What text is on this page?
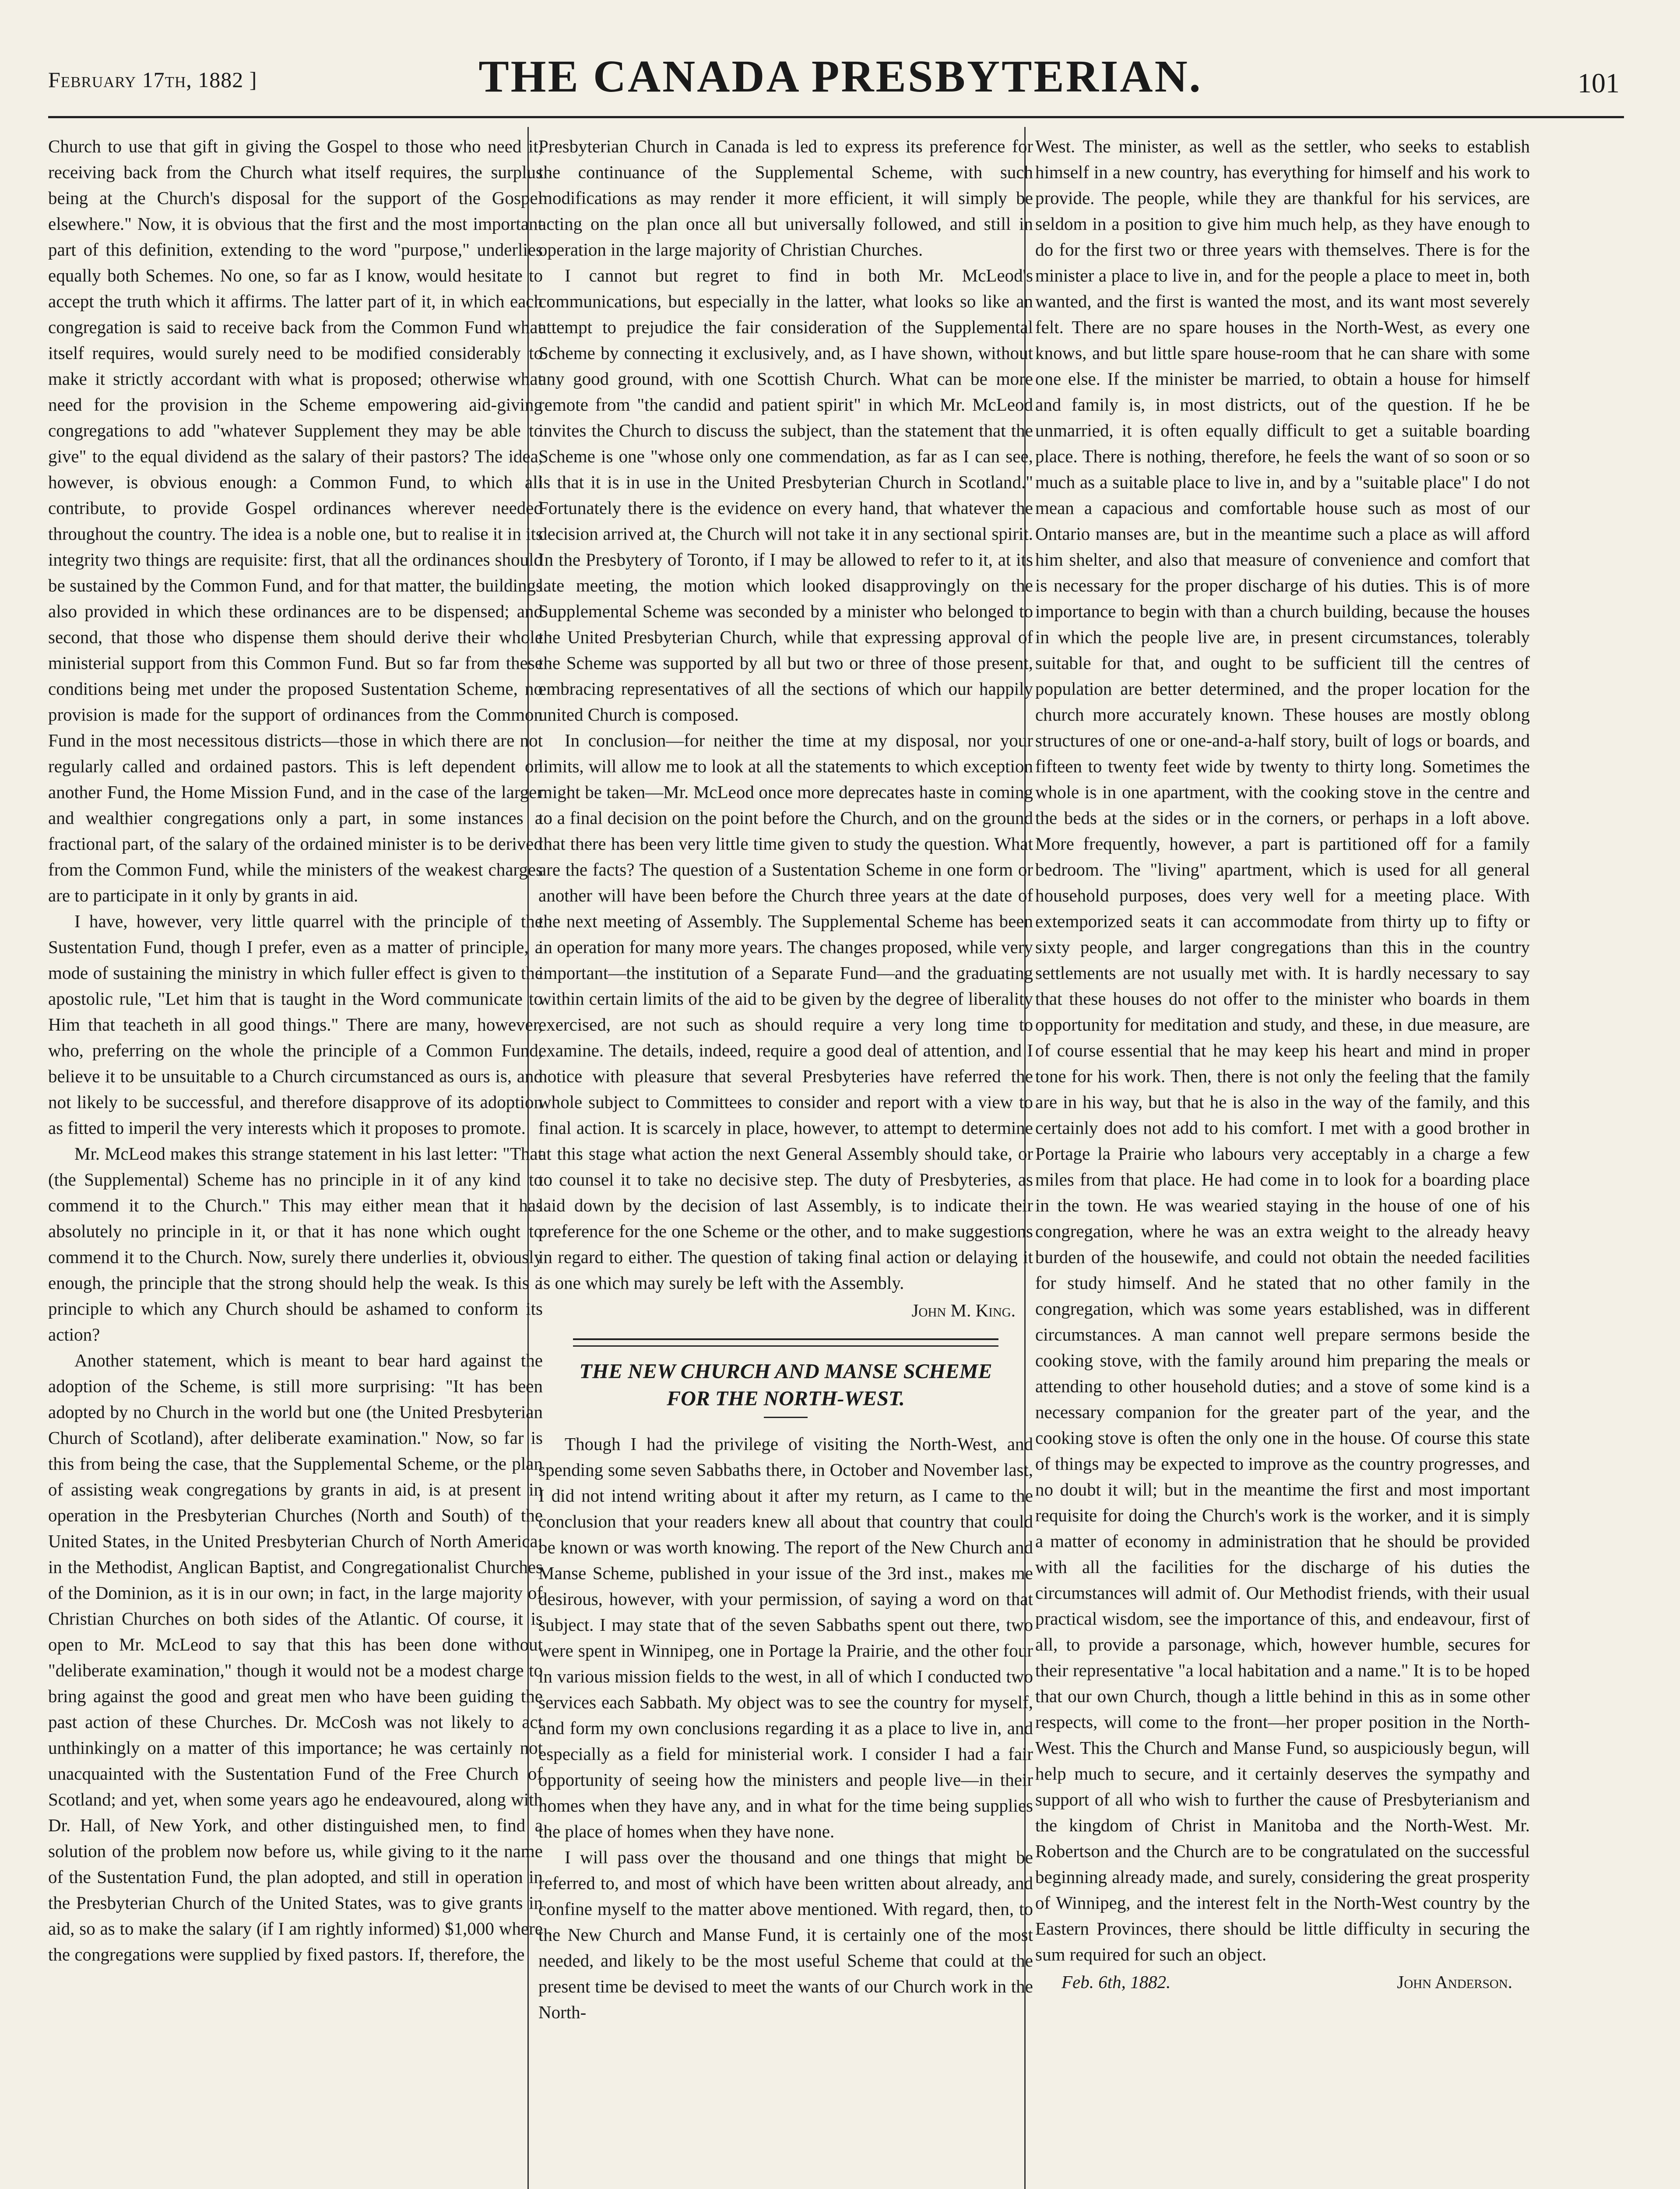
February 17th, 1882 ]	THE CANADA PRESBYTERIAN.	101

Church to use that gift in giving the Gospel to those who need it, receiving back from the Church what itself requires, the surplus being at the Church's disposal for the support of the Gospel elsewhere." Now, it is obvious that the first and the most important part of this definition, extending to the word "purpose," underlies equally both Schemes. No one, so far as I know, would hesitate to accept the truth which it affirms. The latter part of it, in which each congregation is said to receive back from the Common Fund what itself requires, would surely need to be modified considerably to make it strictly accordant with what is proposed; otherwise what need for the provision in the Scheme empowering aid-giving congregations to add "whatever Supplement they may be able to give" to the equal dividend as the salary of their pastors? The idea, however, is obvious enough: a Common Fund, to which all contribute, to provide Gospel ordinances wherever needed throughout the country. The idea is a noble one, but to realise it in its integrity two things are requisite: first, that all the ordinances should be sustained by the Common Fund, and for that matter, the buildings also provided in which these ordinances are to be dispensed; and second, that those who dispense them should derive their whole ministerial support from this Common Fund. But so far from these conditions being met under the proposed Sustentation Scheme, no provision is made for the support of ordinances from the Common Fund in the most necessitous districts—those in which there are not regularly called and ordained pastors. This is left dependent on another Fund, the Home Mission Fund, and in the case of the larger and wealthier congregations only a part, in some instances a fractional part, of the salary of the ordained minister is to be derived from the Common Fund, while the ministers of the weakest charges are to participate in it only by grants in aid.

I have, however, very little quarrel with the principle of the Sustentation Fund, though I prefer, even as a matter of principle, a mode of sustaining the ministry in which fuller effect is given to the apostolic rule, "Let him that is taught in the Word communicate to Him that teacheth in all good things." There are many, however, who, preferring on the whole the principle of a Common Fund, believe it to be unsuitable to a Church circumstanced as ours is, and not likely to be successful, and therefore disapprove of its adoption as fitted to imperil the very interests which it proposes to promote.

Mr. McLeod makes this strange statement in his last letter: "That (the Supplemental) Scheme has no principle in it of any kind to commend it to the Church." This may either mean that it has absolutely no principle in it, or that it has none which ought to commend it to the Church. Now, surely there underlies it, obviously enough, the principle that the strong should help the weak. Is this a principle to which any Church should be ashamed to conform its action?

Another statement, which is meant to bear hard against the adoption of the Scheme, is still more surprising: "It has been adopted by no Church in the world but one (the United Presbyterian Church of Scotland), after deliberate examination." Now, so far is this from being the case, that the Supplemental Scheme, or the plan of assisting weak congregations by grants in aid, is at present in operation in the Presbyterian Churches (North and South) of the United States, in the United Presbyterian Church of North America; in the Methodist, Anglican Baptist, and Congregationalist Churches of the Dominion, as it is in our own; in fact, in the large majority of Christian Churches on both sides of the Atlantic. Of course, it is open to Mr. McLeod to say that this has been done without "deliberate examination," though it would not be a modest charge to bring against the good and great men who have been guiding the past action of these Churches. Dr. McCosh was not likely to act unthinkingly on a matter of this importance; he was certainly not unacquainted with the Sustentation Fund of the Free Church of Scotland; and yet, when some years ago he endeavoured, along with Dr. Hall, of New York, and other distinguished men, to find a solution of the problem now before us, while giving to it the name of the Sustentation Fund, the plan adopted, and still in operation in the Presbyterian Church of the United States, was to give grants in aid, so as to make the salary (if I am rightly informed) $1,000 where the congregations were supplied by fixed pastors. If, therefore, the

Presbyterian Church in Canada is led to express its preference for the continuance of the Supplemental Scheme, with such modifications as may render it more efficient, it will simply be acting on the plan once all but universally followed, and still in operation in the large majority of Christian Churches.

I cannot but regret to find in both Mr. McLeod's communications, but especially in the latter, what looks so like an attempt to prejudice the fair consideration of the Supplemental Scheme by connecting it exclusively, and, as I have shown, without any good ground, with one Scottish Church. What can be more remote from "the candid and patient spirit" in which Mr. McLeod invites the Church to discuss the subject, than the statement that the Scheme is one "whose only one commendation, as far as I can see, is that it is in use in the United Presbyterian Church in Scotland." Fortunately there is the evidence on every hand, that whatever the decision arrived at, the Church will not take it in any sectional spirit. In the Presbytery of Toronto, if I may be allowed to refer to it, at its late meeting, the motion which looked disapprovingly on the Supplemental Scheme was seconded by a minister who belonged to the United Presbyterian Church, while that expressing approval of the Scheme was supported by all but two or three of those present, embracing representatives of all the sections of which our happily united Church is composed.

In conclusion—for neither the time at my disposal, nor your limits, will allow me to look at all the statements to which exception might be taken—Mr. McLeod once more deprecates haste in coming to a final decision on the point before the Church, and on the ground that there has been very little time given to study the question. What are the facts? The question of a Sustentation Scheme in one form or another will have been before the Church three years at the date of the next meeting of Assembly. The Supplemental Scheme has been in operation for many more years. The changes proposed, while very important—the institution of a Separate Fund—and the graduating within certain limits of the aid to be given by the degree of liberality exercised, are not such as should require a very long time to examine. The details, indeed, require a good deal of attention, and I notice with pleasure that several Presbyteries have referred the whole subject to Committees to consider and report with a view to final action. It is scarcely in place, however, to attempt to determine at this stage what action the next General Assembly should take, or to counsel it to take no decisive step. The duty of Presbyteries, as laid down by the decision of last Assembly, is to indicate their preference for the one Scheme or the other, and to make suggestions in regard to either. The question of taking final action or delaying it is one which may surely be left with the Assembly.

John M. King.
THE NEW CHURCH AND MANSE SCHEME
FOR THE NORTH-WEST.

Though I had the privilege of visiting the North-West, and spending some seven Sabbaths there, in October and November last, I did not intend writing about it after my return, as I came to the conclusion that your readers knew all about that country that could be known or was worth knowing. The report of the New Church and Manse Scheme, published in your issue of the 3rd inst., makes me desirous, however, with your permission, of saying a word on that subject. I may state that of the seven Sabbaths spent out there, two were spent in Winnipeg, one in Portage la Prairie, and the other four in various mission fields to the west, in all of which I conducted two services each Sabbath. My object was to see the country for myself, and form my own conclusions regarding it as a place to live in, and especially as a field for ministerial work. I consider I had a fair opportunity of seeing how the ministers and people live—in their homes when they have any, and in what for the time being supplies the place of homes when they have none.

I will pass over the thousand and one things that might be referred to, and most of which have been written about already, and confine myself to the matter above mentioned. With regard, then, to the New Church and Manse Fund, it is certainly one of the most needed, and likely to be the most useful Scheme that could at the present time be devised to meet the wants of our Church work in the North-

West. The minister, as well as the settler, who seeks to establish himself in a new country, has everything for himself and his work to provide. The people, while they are thankful for his services, are seldom in a position to give him much help, as they have enough to do for the first two or three years with themselves. There is for the minister a place to live in, and for the people a place to meet in, both wanted, and the first is wanted the most, and its want most severely felt. There are no spare houses in the North-West, as every one knows, and but little spare house-room that he can share with some one else. If the minister be married, to obtain a house for himself and family is, in most districts, out of the question. If he be unmarried, it is often equally difficult to get a suitable boarding place. There is nothing, therefore, he feels the want of so soon or so much as a suitable place to live in, and by a "suitable place" I do not mean a capacious and comfortable house such as most of our Ontario manses are, but in the meantime such a place as will afford him shelter, and also that measure of convenience and comfort that is necessary for the proper discharge of his duties. This is of more importance to begin with than a church building, because the houses in which the people live are, in present circumstances, tolerably suitable for that, and ought to be sufficient till the centres of population are better determined, and the proper location for the church more accurately known. These houses are mostly oblong structures of one or one-and-a-half story, built of logs or boards, and fifteen to twenty feet wide by twenty to thirty long. Sometimes the whole is in one apartment, with the cooking stove in the centre and the beds at the sides or in the corners, or perhaps in a loft above. More frequently, however, a part is partitioned off for a family bedroom. The "living" apartment, which is used for all general household purposes, does very well for a meeting place. With extemporized seats it can accommodate from thirty up to fifty or sixty people, and larger congregations than this in the country settlements are not usually met with. It is hardly necessary to say that these houses do not offer to the minister who boards in them opportunity for meditation and study, and these, in due measure, are of course essential that he may keep his heart and mind in proper tone for his work. Then, there is not only the feeling that the family are in his way, but that he is also in the way of the family, and this certainly does not add to his comfort. I met with a good brother in Portage la Prairie who labours very acceptably in a charge a few miles from that place. He had come in to look for a boarding place in the town. He was wearied staying in the house of one of his congregation, where he was an extra weight to the already heavy burden of the housewife, and could not obtain the needed facilities for study himself. And he stated that no other family in the congregation, which was some years established, was in different circumstances. A man cannot well prepare sermons beside the cooking stove, with the family around him preparing the meals or attending to other household duties; and a stove of some kind is a necessary companion for the greater part of the year, and the cooking stove is often the only one in the house. Of course this state of things may be expected to improve as the country progresses, and no doubt it will; but in the meantime the first and most important requisite for doing the Church's work is the worker, and it is simply a matter of economy in administration that he should be provided with all the facilities for the discharge of his duties the circumstances will admit of. Our Methodist friends, with their usual practical wisdom, see the importance of this, and endeavour, first of all, to provide a parsonage, which, however humble, secures for their representative "a local habitation and a name." It is to be hoped that our own Church, though a little behind in this as in some other respects, will come to the front—her proper position in the North-West. This the Church and Manse Fund, so auspiciously begun, will help much to secure, and it certainly deserves the sympathy and support of all who wish to further the cause of Presbyterianism and the kingdom of Christ in Manitoba and the North-West. Mr. Robertson and the Church are to be congratulated on the successful beginning already made, and surely, considering the great prosperity of Winnipeg, and the interest felt in the North-West country by the Eastern Provinces, there should be little difficulty in securing the sum required for such an object.

Feb. 6th, 1882.	John Anderson.
